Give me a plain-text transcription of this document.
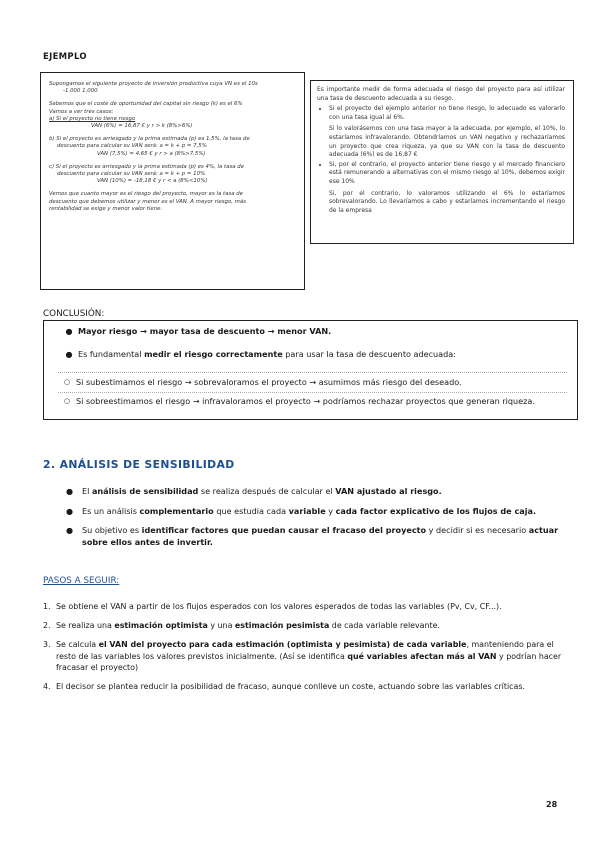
EJEMPLO

Supongamos el siguiente proyecto de inversión productiva cuya VN es el 10s

-1.000 1.000

Sabemos que el coste de oportunidad del capital sin riesgo (k) es el 6%

Vamos a ver tres casos:

a) Si el proyecto no tiene riesgo

VAN (6%) = 16,87 € y r > k (8%>6%)

b) Si el proyecto es arriesgado y la prima estimada (p) es 1,5%, la tasa de

descuento para calcular su VAN será: a = k + p = 7,5%

VAN (7,5%) = 4,65 € y r > a (8%>7,5%)

c) Si el proyecto es arriesgado y la prima estimada (p) es 4%, la tasa de

descuento para calcular su VAN será: a = k + p = 10%

VAN (10%) = -18,18 € y r < a (8%<10%)

Vemos que cuanto mayor es el riesgo del proyecto, mayor es la tasa de

descuento que debemos utilizar y menor es el VAN. A mayor riesgo, más

rentabilidad se exige y menor valor tiene.

Es importante medir de forma adecuada el riesgo del proyecto para así utilizar una tasa de descuento adecuada a su riesgo.

• Si el proyecto del ejemplo anterior no tiene riesgo, lo adecuado es valorarlo con una tasa igual al 6%.

Si lo valorásemos con una tasa mayor a la adecuada, por ejemplo, el 10%, lo estaríamos infravalorando. Obtendríamos un VAN negativo y rechazaríamos un proyecto que crea riqueza, ya que su VAN con la tasa de descuento adecuada (6%) es de 16,87 €

• Si, por el contrario, el proyecto anterior tiene riesgo y el mercado financiero está remunerando a alternativas con el mismo riesgo al 10%, debemos exigir ese 10%

Si, por el contrario, lo valoramos utilizando el 6% lo estaríamos sobrevalorando. Lo llevaríamos a cabo y estaríamos incrementando el riesgo de la empresa

CONCLUSIÓN:
● Mayor riesgo → mayor tasa de descuento → menor VAN.
● Es fundamental medir el riesgo correctamente para usar la tasa de descuento adecuada:
○ Si subestimamos el riesgo → sobrevaloramos el proyecto → asumimos más riesgo del deseado.
○ Si sobreestimamos el riesgo → infravaloramos el proyecto → podríamos rechazar proyectos que generan riqueza.
2. ANÁLISIS DE SENSIBILIDAD
●	El análisis de sensibilidad se realiza después de calcular el VAN ajustado al riesgo.
●	Es un análisis complementario que estudia cada variable y cada factor explicativo de los flujos de caja.
●	Su objetivo es identificar factores que puedan causar el fracaso del proyecto y decidir si es necesario actuar sobre ellos antes de invertir.
PASOS A SEGUIR:
1. Se obtiene el VAN a partir de los flujos esperados con los valores esperados de todas las variables (Pv, Cv, CF...).
2. Se realiza una estimación optimista y una estimación pesimista de cada variable relevante.
3. Se calcula el VAN del proyecto para cada estimación (optimista y pesimista) de cada variable, manteniendo para el resto de las variables los valores previstos inicialmente. (Así se identifica qué variables afectan más al VAN y podrían hacer fracasar el proyecto)
4. El decisor se plantea reducir la posibilidad de fracaso, aunque conlleve un coste, actuando sobre las variables críticas.
28
